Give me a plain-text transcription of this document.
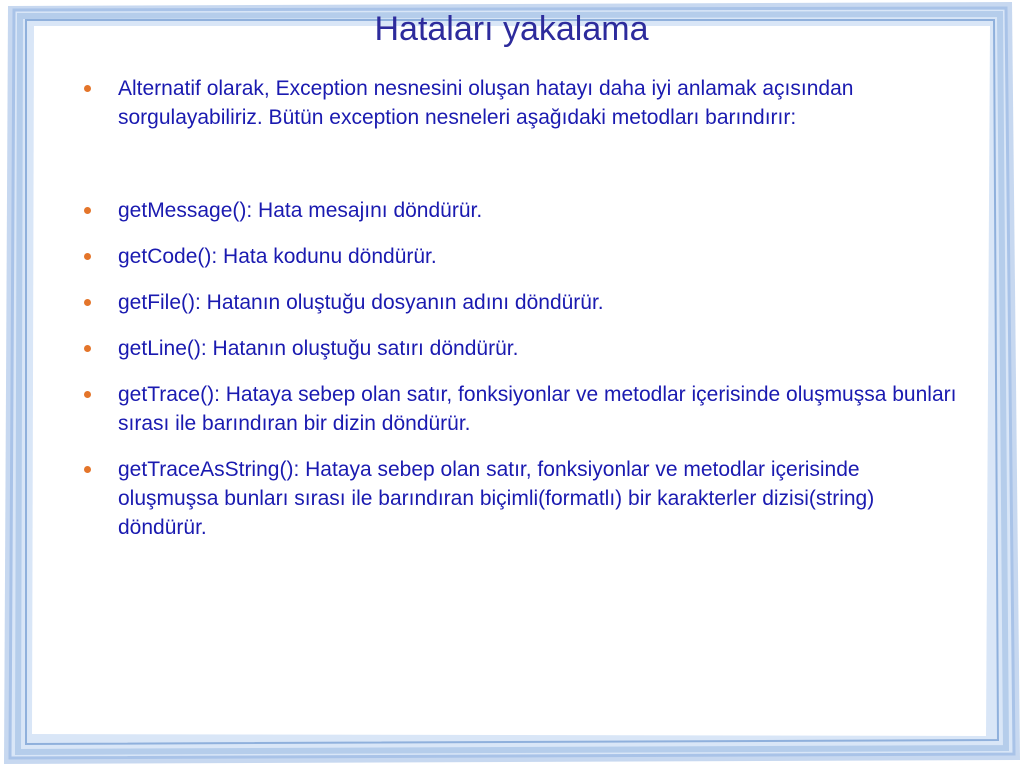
Hataları yakalama
Alternatif olarak, Exception nesnesini oluşan hatayı daha iyi anlamak açısından sorgulayabiliriz. Bütün exception nesneleri aşağıdaki metodları barındırır:
getMessage(): Hata mesajını döndürür.
getCode(): Hata kodunu döndürür.
getFile(): Hatanın oluştuğu dosyanın adını döndürür.
getLine(): Hatanın oluştuğu satırı döndürür.
getTrace(): Hataya sebep olan satır, fonksiyonlar ve metodlar içerisinde oluşmuşsa bunları sırası ile barındıran bir dizin döndürür.
getTraceAsString(): Hataya sebep olan satır, fonksiyonlar ve metodlar içerisinde oluşmuşsa bunları sırası ile barındıran biçimli(formatlı) bir karakterler dizisi(string) döndürür.
